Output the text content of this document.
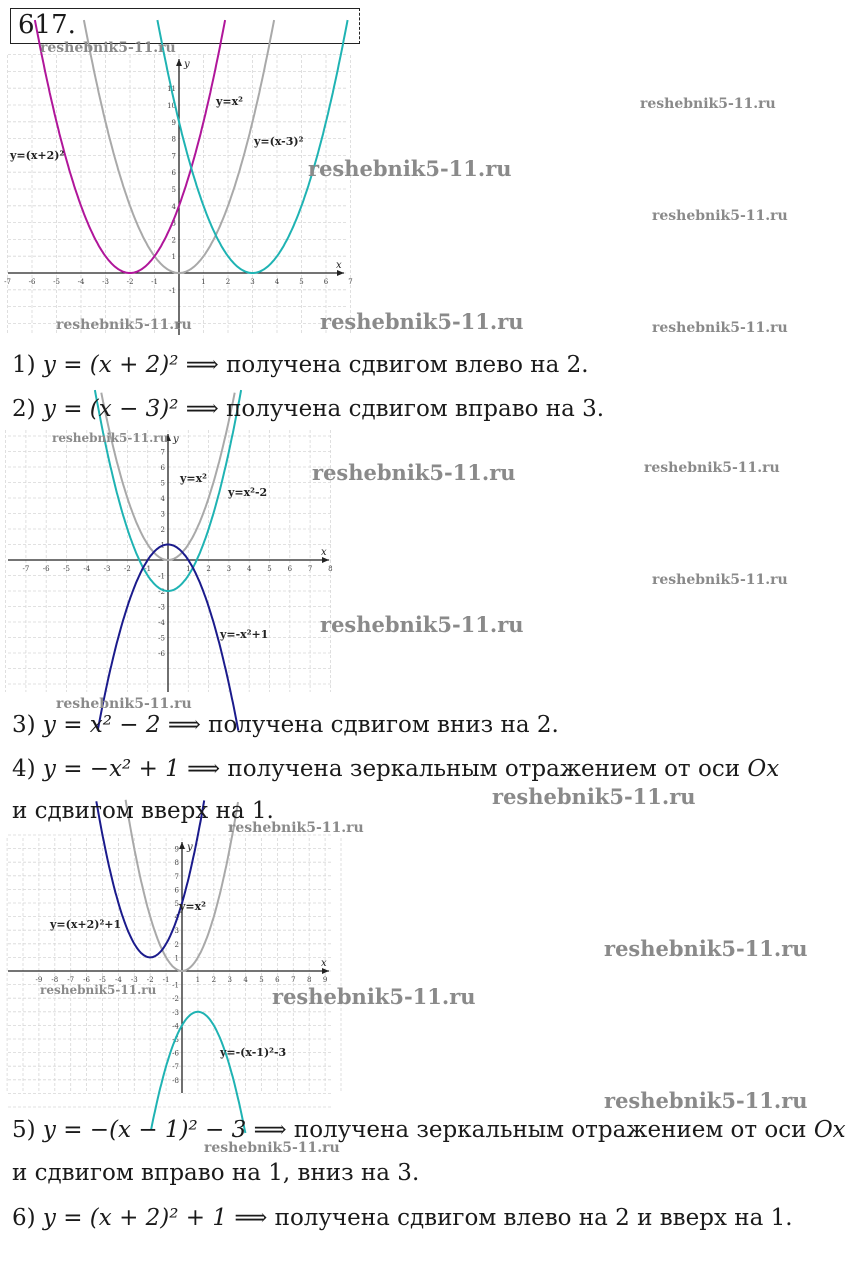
617.
x
y
-7	-6	-5	-4	-3	-2	-1	1	2	3	4	5	6	7
11
10
9
8
7
6
5
4
3
2
1
-1
y=(x+2)²
y=x²
y=(x-3)²
x
y
-7 -6 -5 -4 -3 -2 -1	1 2 3 4 5 6 7 8
7
6
5
4
3
2
1
-1
-2
-3
-4
-5
-6
y=x²
y=x²-2
y=-x²+1
x
y
-9 -8 -7 -6 -5 -4 -3 -2 -1	1 2 3 4 5 6 7 8 9
9
8
7
6
5
4
3
2
1
-1
-2
-3
-4
-5
-6
-7
-8
y=(x+2)²+1
y=x²
y=-(x-1)²-3
1) y = (x + 2)² ⟹ получена сдвигом влево на 2.
2) y = (x − 3)² ⟹ получена сдвигом вправо на 3.
3) y = x² − 2 ⟹ получена сдвигом вниз на 2.
4) y = −x² + 1 ⟹ получена зеркальным отражением от оси Ox
и сдвигом вверх на 1.
5) y = −(x − 1)² − 3 ⟹ получена зеркальным отражением от оси Ox
и сдвигом вправо на 1, вниз на 3.
6) y = (x + 2)² + 1 ⟹ получена сдвигом влево на 2 и вверх на 1.
reshebnik5-11.ru
reshebnik5-11.ru
reshebnik5-11.ru
reshebnik5-11.ru
reshebnik5-11.ru	reshebnik5-11.ru	reshebnik5-11.ru
reshebnik5-11.ru
reshebnik5-11.ru	reshebnik5-11.ru
reshebnik5-11.ru
reshebnik5-11.ru
reshebnik5-11.ru
reshebnik5-11.ru
reshebnik5-11.ru
reshebnik5-11.ru
reshebnik5-11.ru	reshebnik5-11.ru
reshebnik5-11.ru
reshebnik5-11.ru
